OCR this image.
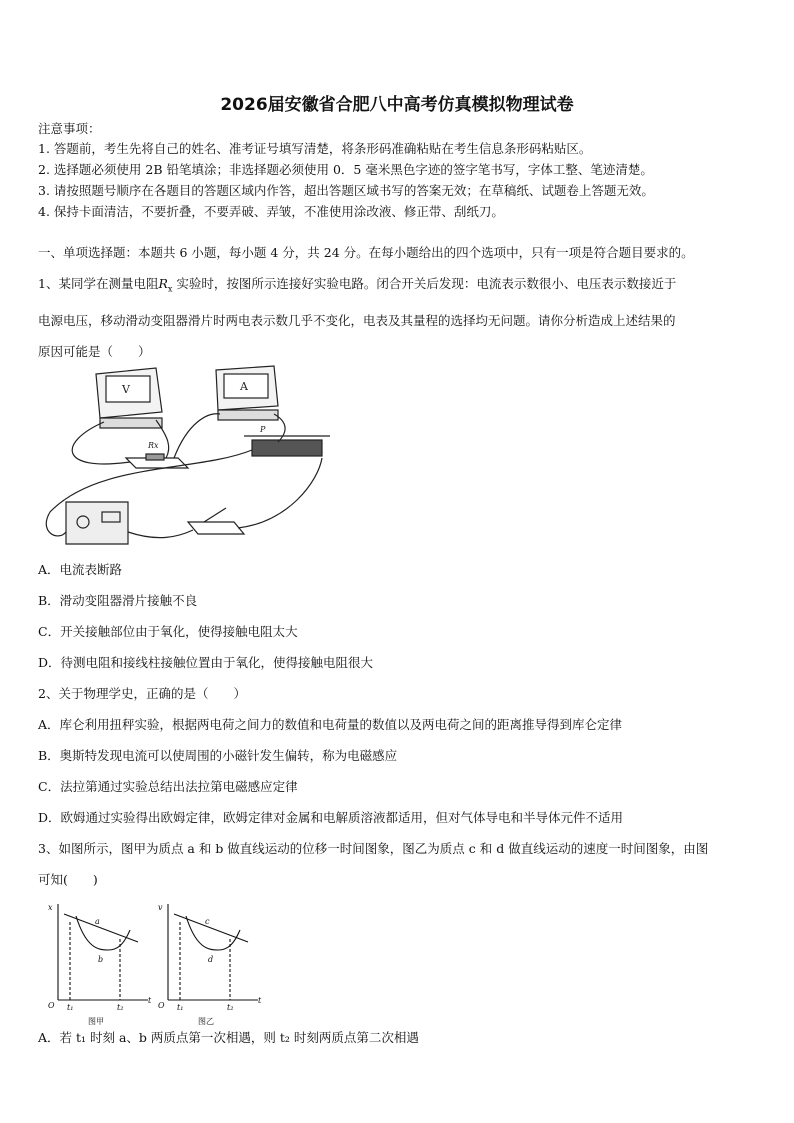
2026届安徽省合肥八中高考仿真模拟物理试卷
注意事项：
1. 答题前，考生先将自己的姓名、准考证号填写清楚，将条形码准确粘贴在考生信息条形码粘贴区。
2. 选择题必须使用 2B 铅笔填涂；非选择题必须使用 0．5 毫米黑色字迹的签字笔书写，字体工整、笔迹清楚。
3. 请按照题号顺序在各题目的答题区域内作答，超出答题区域书写的答案无效；在草稿纸、试题卷上答题无效。
4. 保持卡面清洁，不要折叠，不要弄破、弄皱，不准使用涂改液、修正带、刮纸刀。
一、单项选择题：本题共 6 小题，每小题 4 分，共 24 分。在每小题给出的四个选项中，只有一项是符合题目要求的。
1、某同学在测量电阻$R_x$ 实验时，按图所示连接好实验电路。闭合开关后发现：电流表示数很小、电压表示数接近于
电源电压，移动滑动变阻器滑片时两电表示数几乎不变化，电表及其量程的选择均无问题。请你分析造成上述结果的
原因可能是（　　）
V	A
Rx
P
A．电流表断路
B．滑动变阻器滑片接触不良
C．开关接触部位由于氧化，使得接触电阻太大
D．待测电阻和接线柱接触位置由于氧化，使得接触电阻很大
2、关于物理学史，正确的是（　　）
A．库仑利用扭秤实验，根据两电荷之间力的数值和电荷量的数值以及两电荷之间的距离推导得到库仑定律
B．奥斯特发现电流可以使周围的小磁针发生偏转，称为电磁感应
C．法拉第通过实验总结出法拉第电磁感应定律
D．欧姆通过实验得出欧姆定律，欧姆定律对金属和电解质溶液都适用，但对气体导电和半导体元件不适用
3、如图所示，图甲为质点 a 和 b 做直线运动的位移一时间图象，图乙为质点 c 和 d 做直线运动的速度一时间图象，由图
可知(　　)
x
t
O t₁	t₂
a
b
图甲
v
t
O t₁	t₂
c
d
图乙
A．若 t₁ 时刻 a、b 两质点第一次相遇，则 t₂ 时刻两质点第二次相遇
